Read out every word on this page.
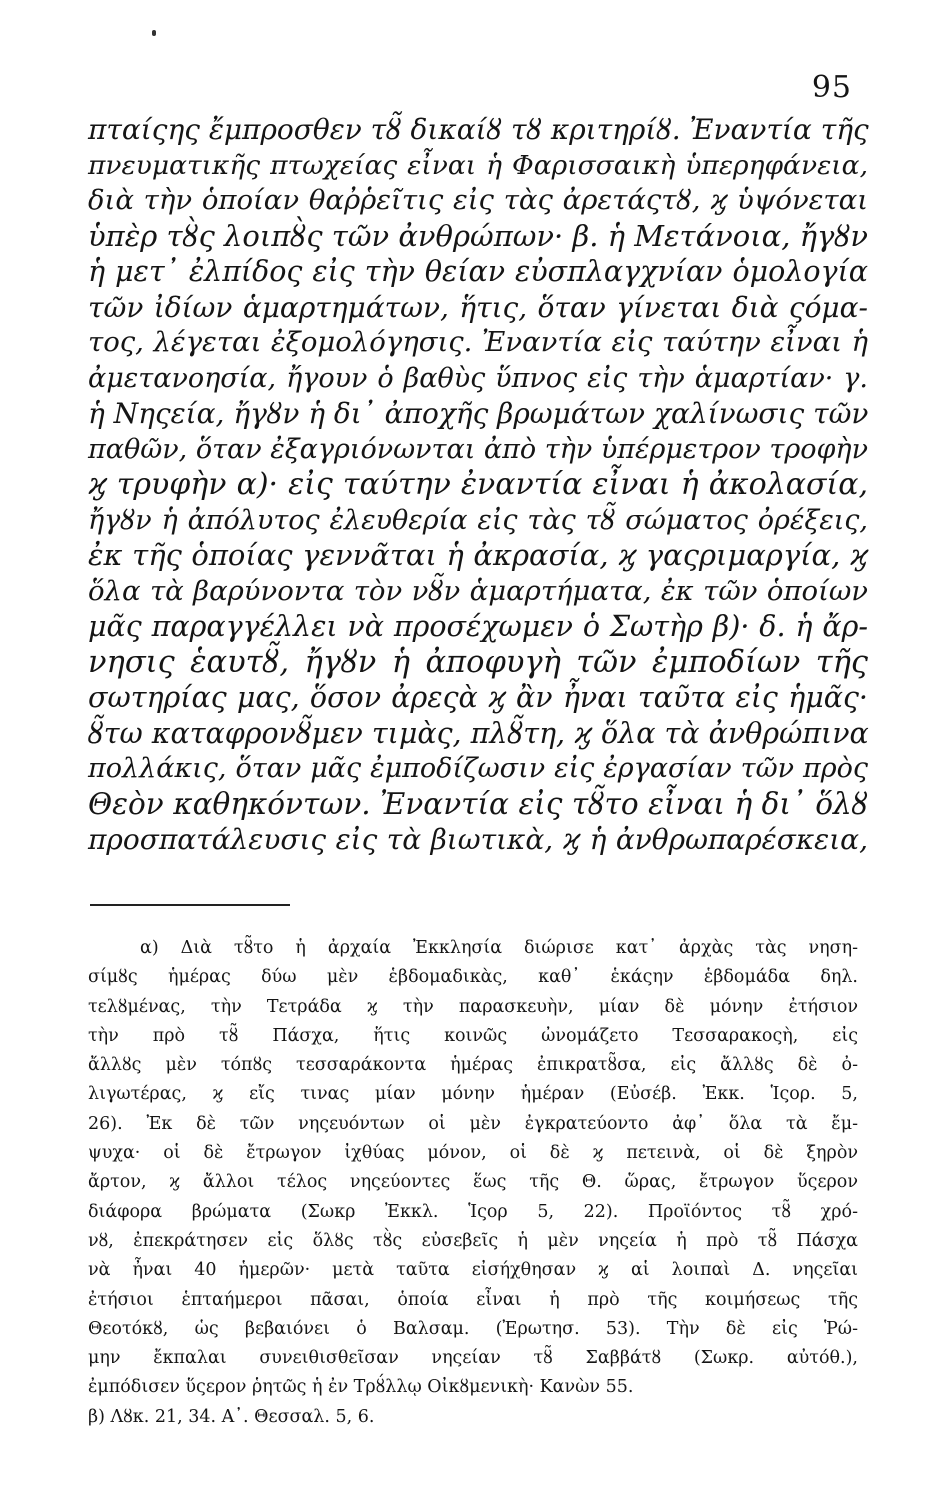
95
πταίςης ἔμπροσθεν τȣ̃ δικαίȣ τȣ κριτηρίȣ. Ἐναντία τῆς
πνευματικῆς πτωχείας εἶναι ἡ Φαρισσαικὴ ὑπερηφάνεια,
διὰ τὴν ὁποίαν θαῤῥεῖτις εἰς τὰς ἀρετάςτȣ, ϗ ὑψόνεται
ὑπὲρ τȣ̀ς λοιπȣ̀ς τῶν ἀνθρώπων· β. ἡ Μετάνοια, ἤγȣν
ἡ μετ᾽ ἐλπίδος εἰς τὴν θείαν εὐσπλαγχνίαν ὁμολογία
τῶν ἰδίων ἁμαρτημάτων, ἥτις, ὅταν γίνεται διὰ ςόμα-
τος, λέγεται ἐξομολόγησις. Ἐναντία εἰς ταύτην εἶναι ἡ
ἀμετανοησία, ἤγουν ὁ βαθὺς ὕπνος εἰς τὴν ἁμαρτίαν· γ.
ἡ Νηςεία, ἤγȣν ἡ δι᾽ ἀποχῆς βρωμάτων χαλίνωσις τῶν
παθῶν, ὅταν ἐξαγριόνωνται ἀπὸ τὴν ὑπέρμετρον τροφὴν
ϗ τρυφὴν α)· εἰς ταύτην ἐναντία εἶναι ἡ ἀκολασία,
ἤγȣν ἡ ἀπόλυτος ἐλευθερία εἰς τὰς τȣ̃ σώματος ὀρέξεις,
ἐκ τῆς ὁποίας γεννᾶται ἡ ἀκρασία, ϗ γαςριμαργία, ϗ
ὅλα τὰ βαρύνοντα τὸν νȣ̃ν ἁμαρτήματα, ἐκ τῶν ὁποίων
μᾶς παραγγέλλει νὰ προσέχωμεν ὁ Σωτὴρ β)· δ. ἡ ἄρ-
νησις ἑαυτȣ̃, ἤγȣν ἡ ἀποφυγὴ τῶν ἐμποδίων τῆς
σωτηρίας μας, ὅσον ἀρεςὰ ϗ ἂν ἦναι ταῦτα εἰς ἡμᾶς·
ȣ̃τω καταφρονȣ̃μεν τιμὰς, πλȣ̃τη, ϗ ὅλα τὰ ἀνθρώπινα
πολλάκις, ὅταν μᾶς ἐμποδίζωσιν εἰς ἐργασίαν τῶν πρὸς
Θεὸν καθηκόντων. Ἐναντία εἰς τȣ̃το εἶναι ἡ δι᾽ ὅλȣ
προσπατάλευσις εἰς τὰ βιωτικὰ, ϗ ἡ ἀνθρωπαρέσκεια,
α) Διὰ τȣ̃το ἡ ἀρχαία Ἐκκλησία διώρισε κατ᾽ ἀρχὰς τὰς νηση-
σίμȣς ἡμέρας δύω μὲν ἑβδομαδικὰς, καθ᾽ ἑκάςην ἑβδομάδα δηλ.
τελȣμένας, τὴν Τετράδα ϗ τὴν παρασκευὴν, μίαν δὲ μόνην ἐτήσιον
τὴν πρὸ τȣ̃ Πάσχα, ἥτις κοινῶς ὠνομάζετο Τεσσαρακοςὴ, εἰς
ἄλλȣς μὲν τόπȣς τεσσαράκοντα ἡμέρας ἐπικρατȣ̃σα, εἰς ἄλλȣς δὲ ὀ-
λιγωτέρας, ϗ εἴς τινας μίαν μόνην ἡμέραν (Εὐσέβ. Ἐκκ. Ἱςορ. 5,
26). Ἐκ δὲ τῶν νηςευόντων οἱ μὲν ἐγκρατεύοντο ἀφ᾽ ὅλα τὰ ἔμ-
ψυχα· οἱ δὲ ἔτρωγον ἰχθύας μόνον, οἱ δὲ ϗ πετεινὰ, οἱ δὲ ξηρὸν
ἄρτον, ϗ ἄλλοι τέλος νηςεύοντες ἕως τῆς Θ. ὥρας, ἔτρωγον ὕςερον
διάφορα βρώματα (Σωκρ Ἐκκλ. Ἱςορ 5, 22). Προϊόντος τȣ̃ χρό-
νȣ, ἐπεκράτησεν εἰς ὅλȣς τȣ̀ς εὐσεβεῖς ἡ μὲν νηςεία ἡ πρὸ τȣ̃ Πάσχα
νὰ ἦναι 40 ἡμερῶν· μετὰ ταῦτα εἰσήχθησαν ϗ αἱ λοιπαὶ Δ. νηςεῖαι
ἐτήσιοι ἑπταήμεροι πᾶσαι, ὁποία εἶναι ἡ πρὸ τῆς κοιμήσεως τῆς
Θεοτόκȣ, ὡς βεβαιόνει ὁ Βαλσαμ. (Ἐρωτησ. 53). Τὴν δὲ εἰς Ῥώ-
μην ἔκπαλαι συνειθισθεῖσαν νηςείαν τȣ̃ Σαββάτȣ (Σωκρ. αὐτόθ.),
ἐμπόδισεν ὕςερον ῥητῶς ἡ ἐν Τρȣ́λλῳ Οἰκȣμενικὴ· Κανὼν 55.
β) Λȣκ. 21, 34. Α᾽. Θεσσαλ. 5, 6.
